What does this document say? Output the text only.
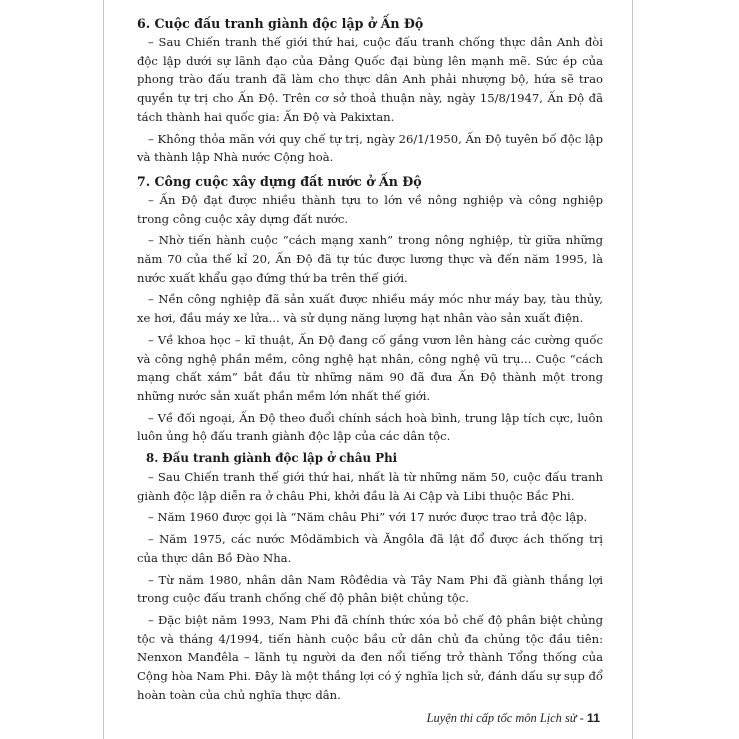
6. Cuộc đấu tranh giành độc lập ở Ấn Độ

– Sau Chiến tranh thế giới thứ hai, cuộc đấu tranh chống thực dân Anh đòi độc lập dưới sự lãnh đạo của Đảng Quốc đại bùng lên mạnh mẽ. Sức ép của phong trào đấu tranh đã làm cho thực dân Anh phải nhượng bộ, hứa sẽ trao quyền tự trị cho Ấn Độ. Trên cơ sở thoả thuận này, ngày 15/8/1947, Ấn Độ đã tách thành hai quốc gia: Ấn Độ và Pakixtan.

– Không thỏa mãn với quy chế tự trị, ngày 26/1/1950, Ấn Độ tuyên bố độc lập và thành lập Nhà nước Cộng hoà.

7. Công cuộc xây dựng đất nước ở Ấn Độ

– Ấn Độ đạt được nhiều thành tựu to lớn về nông nghiệp và công nghiệp trong công cuộc xây dựng đất nước.

– Nhờ tiến hành cuộc “cách mạng xanh” trong nông nghiệp, từ giữa những năm 70 của thế kỉ 20, Ấn Độ đã tự túc được lương thực và đến năm 1995, là nước xuất khẩu gạo đứng thứ ba trên thế giới.

– Nền công nghiệp đã sản xuất được nhiều máy móc như máy bay, tàu thủy, xe hơi, đầu máy xe lửa... và sử dụng năng lượng hạt nhân vào sản xuất điện.

– Về khoa học – kĩ thuật, Ấn Độ đang cố gắng vươn lên hàng các cường quốc và công nghệ phần mềm, công nghệ hạt nhân, công nghệ vũ trụ... Cuộc “cách mạng chất xám” bắt đầu từ những năm 90 đã đưa Ấn Độ thành một trong những nước sản xuất phần mềm lớn nhất thế giới.

– Về đối ngoại, Ấn Độ theo đuổi chính sách hoà bình, trung lập tích cực, luôn luôn ủng hộ đấu tranh giành độc lập của các dân tộc.

8. Đấu tranh giành độc lập ở châu Phi

– Sau Chiến tranh thế giới thứ hai, nhất là từ những năm 50, cuộc đấu tranh giành độc lập diễn ra ở châu Phi, khởi đầu là Ai Cập và Libi thuộc Bắc Phi.

– Năm 1960 được gọi là “Năm châu Phi” với 17 nước được trao trả độc lập.

– Năm 1975, các nước Môdămbich và Ăngôla đã lật đổ được ách thống trị của thực dân Bồ Đào Nha.

– Từ năm 1980, nhân dân Nam Rôđêdia và Tây Nam Phi đã giành thắng lợi trong cuộc đấu tranh chống chế độ phân biệt chủng tộc.

– Đặc biệt năm 1993, Nam Phi đã chính thức xóa bỏ chế độ phân biệt chủng tộc và tháng 4/1994, tiến hành cuộc bầu cử dân chủ đa chủng tộc đầu tiên: Nenxon Manđêla – lãnh tụ người da đen nổi tiếng trở thành Tổng thống của Cộng hòa Nam Phi. Đây là một thắng lợi có ý nghĩa lịch sử, đánh dấu sự sụp đổ hoàn toàn của chủ nghĩa thực dân.

Luyện thi cấp tốc môn Lịch sử - 11
